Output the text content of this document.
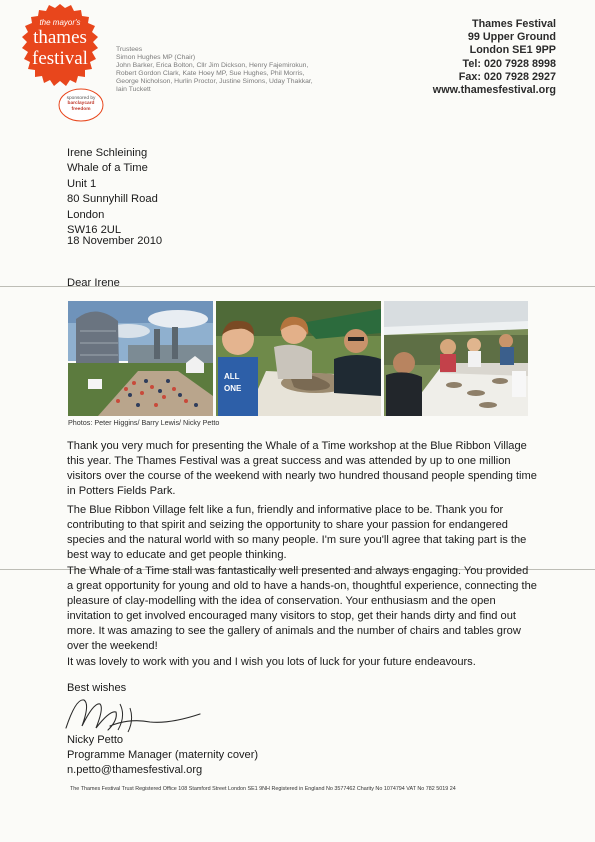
the mayor's
thames
festival
sponsored by
barclaycard
freedom
Trustees
Simon Hughes MP (Chair)
John Barker, Erica Bolton, Cllr Jim Dickson, Henry Fajemirokun,
Robert Gordon Clark, Kate Hoey MP, Sue Hughes, Phil Morris,
George Nicholson, Hurlin Proctor, Justine Simons, Uday Thakkar,
Iain Tuckett
Thames Festival
99 Upper Ground
London SE1 9PP
Tel: 020 7928 8998
Fax: 020 7928 2927
www.thamesfestival.org
Irene Schleining
Whale of a Time
Unit 1
80 Sunnyhill Road
London
SW16 2UL
18 November 2010
Dear Irene
ALL
ONE
Photos: Peter Higgins/ Barry Lewis/ Nicky Petto
Thank you very much for presenting the Whale of a Time workshop at the Blue Ribbon Village this year. The Thames Festival was a great success and was attended by up to one million visitors over the course of the weekend with nearly two hundred thousand people spending time in Potters Fields Park.
The Blue Ribbon Village felt like a fun, friendly and informative place to be. Thank you for contributing to that spirit and seizing the opportunity to share your passion for endangered species and the natural world with so many people. I'm sure you'll agree that taking part is the best way to educate and get people thinking.
The Whale of a Time stall was fantastically well presented and always engaging. You provided a great opportunity for young and old to have a hands-on, thoughtful experience, connecting the pleasure of clay-modelling with the idea of conservation. Your enthusiasm and the open invitation to get involved encouraged many visitors to stop, get their hands dirty and find out more. It was amazing to see the gallery of animals and the number of chairs and tables grow over the weekend!
It was lovely to work with you and I wish you lots of luck for your future endeavours.
Best wishes
Nicky Petto
Programme Manager (maternity cover)
n.petto@thamesfestival.org
The Thames Festival Trust Registered Office 108 Stamford Street London SE1 9NH Registered in England No 3577462 Charity No 1074794 VAT No 782 5019 24
